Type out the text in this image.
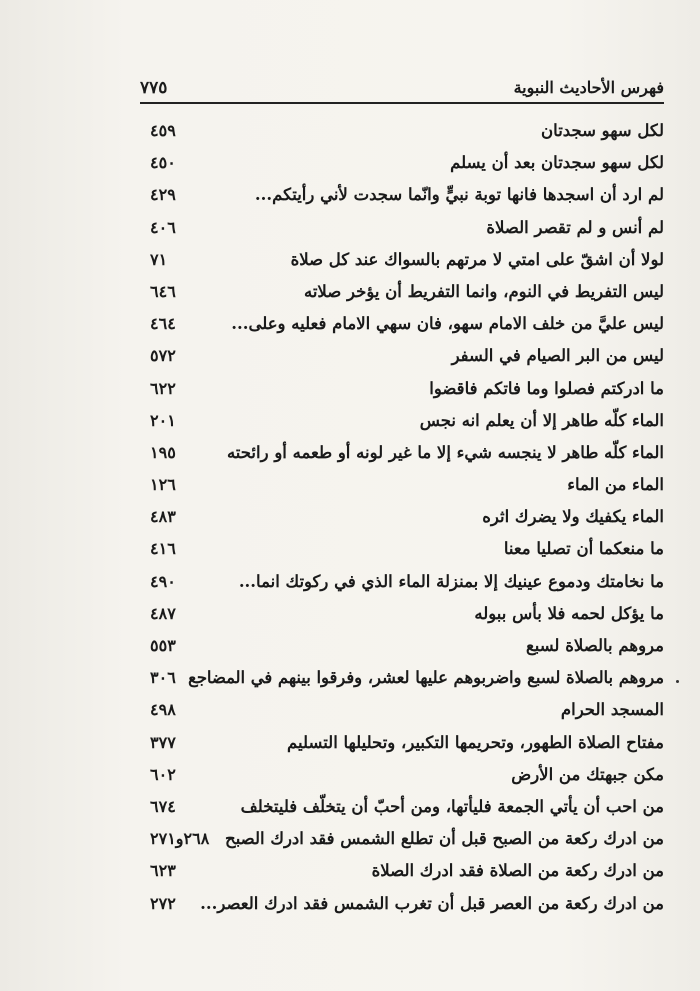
فهرس الأحاديث النبوية
٧٧٥
لكل سهو سجدتان
٤٥٩
لكل سهو سجدتان بعد أن يسلم
٤٥٠
لم ارد أن اسجدها فانها توبة نبيٍّ وانّما سجدت لأني رأيتكم...
٤٢٩
لم أنس و لم تقصر الصلاة
٤٠٦
لولا أن اشقّ على امتي لا مرتهم بالسواك عند كل صلاة
٧١
ليس التفريط في النوم، وانما التفريط أن يؤخر صلاته
٦٤٦
ليس عليَّ من خلف الامام سهو، فان سهي الامام فعليه وعلى...
٤٦٤
ليس من البر الصيام في السفر
٥٧٢
ما ادركتم فصلوا وما فاتكم فاقضوا
٦٢٢
الماء كلّه طاهر إلا أن يعلم انه نجس
٢٠١
الماء كلّه طاهر لا ينجسه شيء إلا ما غير لونه أو طعمه أو رائحته
١٩٥
الماء من الماء
١٢٦
الماء يكفيك ولا يضرك اثره
٤٨٣
ما منعكما أن تصليا معنا
٤١٦
ما نخامتك ودموع عينيك إلا بمنزلة الماء الذي في ركوتك انما...
٤٩٠
ما يؤكل لحمه فلا بأس ببوله
٤٨٧
مروهم بالصلاة لسبع
٥٥٣
مروهم بالصلاة لسبع واضربوهم عليها لعشر، وفرقوا بينهم في المضاجع
٣٠٦
المسجد الحرام
٤٩٨
مفتاح الصلاة الطهور، وتحريمها التكبير، وتحليلها التسليم
٣٧٧
مكن جبهتك من الأرض
٦٠٢
من احب أن يأتي الجمعة فليأتها، ومن أحبّ أن يتخلّف فليتخلف
٦٧٤
من ادرك ركعة من الصبح قبل أن تطلع الشمس فقد ادرك الصبح
٢٦٨و٢٧١
من ادرك ركعة من الصلاة فقد ادرك الصلاة
٦٢٣
من ادرك ركعة من العصر قبل أن تغرب الشمس فقد ادرك العصر...
٢٧٢
